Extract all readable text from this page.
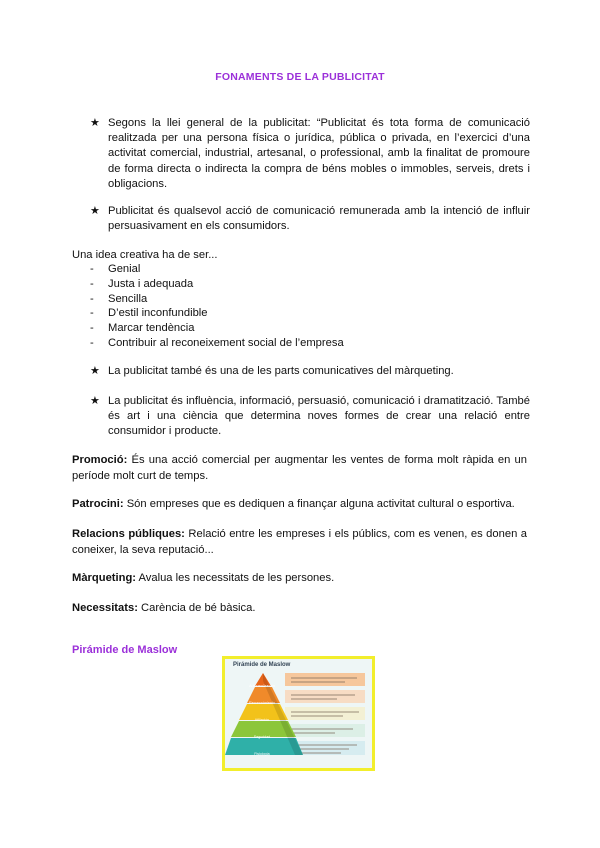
FONAMENTS DE LA PUBLICITAT
★ Segons la llei general de la publicitat: “Publicitat és tota forma de comunicació realitzada per una persona física o jurídica, pública o privada, en l’exercici d’una activitat comercial, industrial, artesanal, o professional, amb la finalitat de promoure de forma directa o indirecta la compra de béns mobles o immobles, serveis, drets i obligacions.
★ Publicitat és qualsevol acció de comunicació remunerada amb la intenció de influir persuasivament en els consumidors.
Una idea creativa ha de ser...
-	Genial
-	Justa i adequada
-	Sencilla
-	D’estil inconfundible
-	Marcar tendència
-	Contribuir al reconeixement social de l’empresa
★ La publicitat també és una de les parts comunicatives del màrqueting.
★ La publicitat és influència, informació, persuasió, comunicació i dramatització. També és art i una ciència que determina noves formes de crear una relació entre consumidor i producte.
Promoció: És una acció comercial per augmentar les ventes de forma molt ràpida en un període molt curt de temps.
Patrocini: Són empreses que es dediquen a finançar alguna activitat cultural o esportiva.
Relacions públiques: Relació entre les empreses i els públics, com es venen, es donen a coneixer, la seva reputació...
Màrqueting: Avalua les necessitats de les persones.
Necessitats: Carència de bé bàsica.
Pirámide de Maslow
Pirámide de Maslow
Autorrealización
Reconocimiento
Afiliación
Seguridad
Fisiología
